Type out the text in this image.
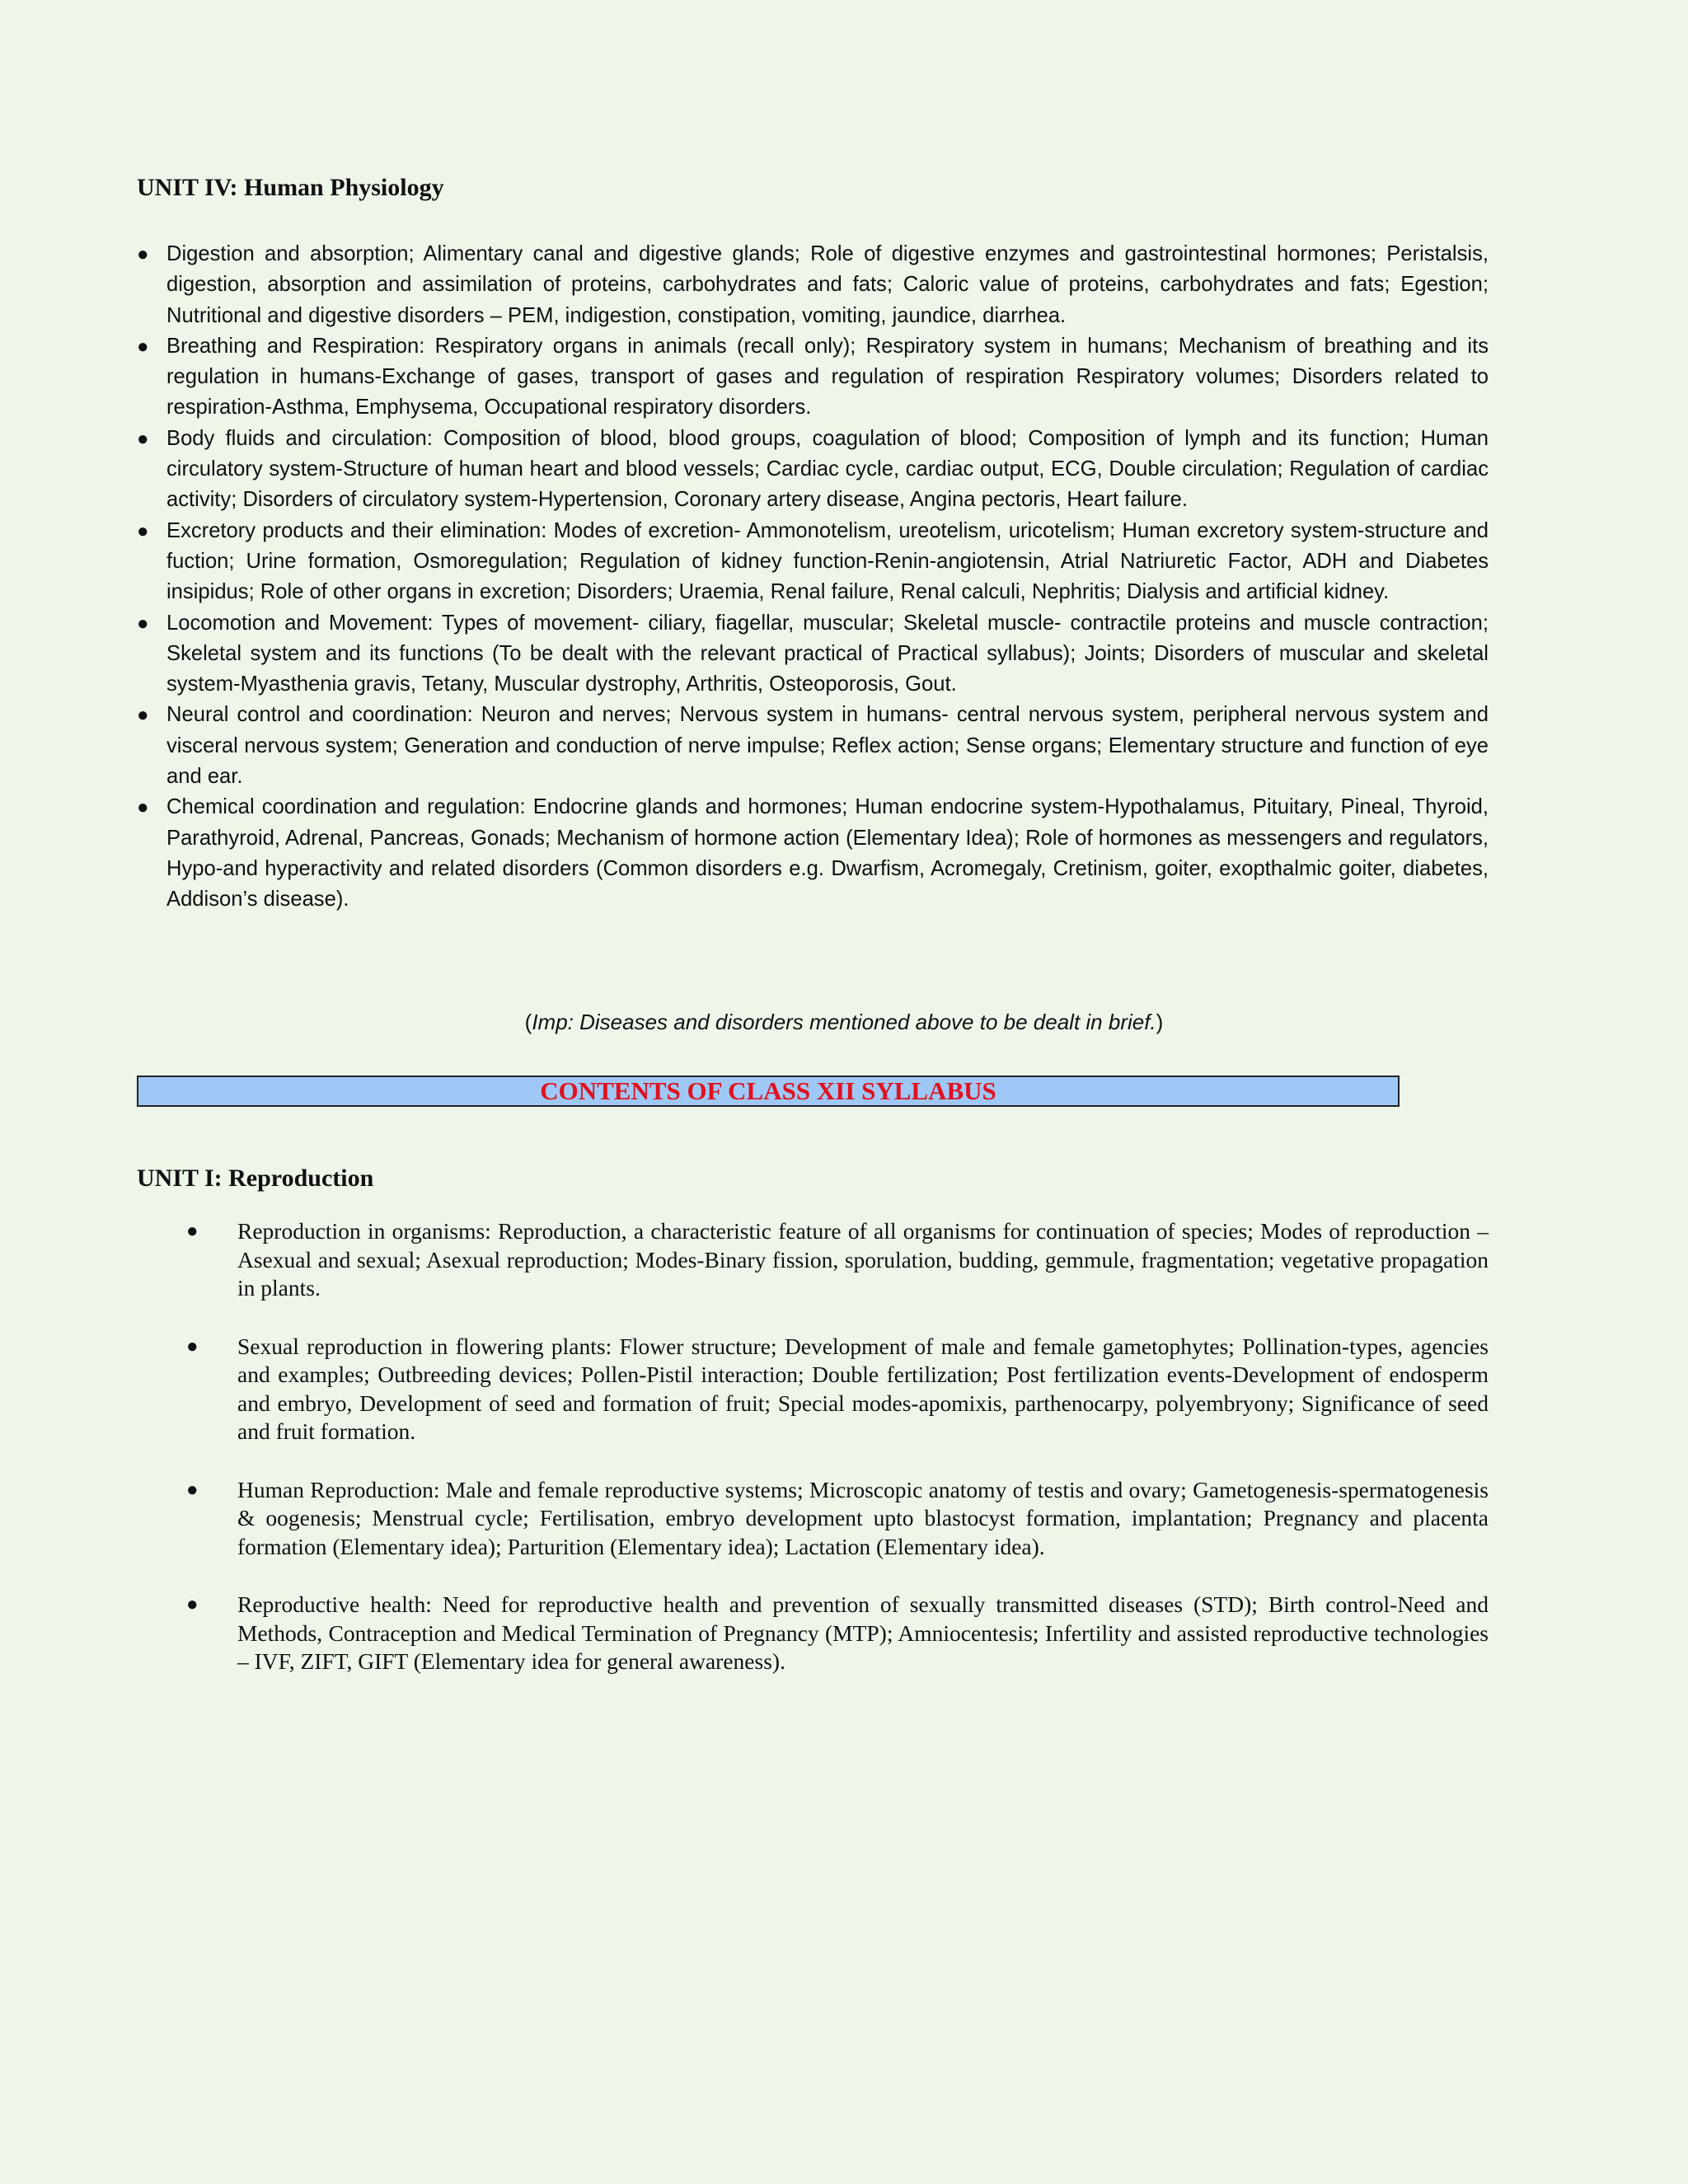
UNIT IV: Human Physiology
● Digestion and absorption; Alimentary canal and digestive glands; Role of digestive enzymes and gastrointestinal hormones; Peristalsis, digestion, absorption and assimilation of proteins, carbohydrates and fats; Caloric value of proteins, carbohydrates and fats; Egestion; Nutritional and digestive disorders – PEM, indigestion, constipation, vomiting, jaundice, diarrhea.
● Breathing and Respiration: Respiratory organs in animals (recall only); Respiratory system in humans; Mechanism of breathing and its regulation in humans-Exchange of gases, transport of gases and regulation of respiration Respiratory volumes; Disorders related to respiration-Asthma, Emphysema, Occupational respiratory disorders.
● Body fluids and circulation: Composition of blood, blood groups, coagulation of blood; Composition of lymph and its function; Human circulatory system-Structure of human heart and blood vessels; Cardiac cycle, cardiac output, ECG, Double circulation; Regulation of cardiac activity; Disorders of circulatory system-Hypertension, Coronary artery disease, Angina pectoris, Heart failure.
● Excretory products and their elimination: Modes of excretion- Ammonotelism, ureotelism, uricotelism; Human excretory system-structure and fuction; Urine formation, Osmoregulation; Regulation of kidney function-Renin-angiotensin, Atrial Natriuretic Factor, ADH and Diabetes insipidus; Role of other organs in excretion; Disorders; Uraemia, Renal failure, Renal calculi, Nephritis; Dialysis and artificial kidney.
● Locomotion and Movement: Types of movement- ciliary, fiagellar, muscular; Skeletal muscle- contractile proteins and muscle contraction; Skeletal system and its functions (To be dealt with the relevant practical of Practical syllabus); Joints; Disorders of muscular and skeletal system-Myasthenia gravis, Tetany, Muscular dystrophy, Arthritis, Osteoporosis, Gout.
● Neural control and coordination: Neuron and nerves; Nervous system in humans- central nervous system, peripheral nervous system and visceral nervous system; Generation and conduction of nerve impulse; Reflex action; Sense organs; Elementary structure and function of eye and ear.
● Chemical coordination and regulation: Endocrine glands and hormones; Human endocrine system-Hypothalamus, Pituitary, Pineal, Thyroid, Parathyroid, Adrenal, Pancreas, Gonads; Mechanism of hormone action (Elementary Idea); Role of hormones as messengers and regulators, Hypo-and hyperactivity and related disorders (Common disorders e.g. Dwarfism, Acromegaly, Cretinism, goiter, exopthalmic goiter, diabetes, Addison’s disease).
(Imp: Diseases and disorders mentioned above to be dealt in brief.)
CONTENTS OF CLASS XII SYLLABUS
UNIT I: Reproduction
● Reproduction in organisms: Reproduction, a characteristic feature of all organisms for continuation of species; Modes of reproduction – Asexual and sexual; Asexual reproduction; Modes-Binary fission, sporulation, budding, gemmule, fragmentation; vegetative propagation in plants.
● Sexual reproduction in flowering plants: Flower structure; Development of male and female gametophytes; Pollination-types, agencies and examples; Outbreeding devices; Pollen-Pistil interaction; Double fertilization; Post fertilization events-Development of endosperm and embryo, Development of seed and formation of fruit; Special modes-apomixis, parthenocarpy, polyembryony; Significance of seed and fruit formation.
● Human Reproduction: Male and female reproductive systems; Microscopic anatomy of testis and ovary; Gametogenesis-spermatogenesis & oogenesis; Menstrual cycle; Fertilisation, embryo development upto blastocyst formation, implantation; Pregnancy and placenta formation (Elementary idea); Parturition (Elementary idea); Lactation (Elementary idea).
● Reproductive health: Need for reproductive health and prevention of sexually transmitted diseases (STD); Birth control-Need and Methods, Contraception and Medical Termination of Pregnancy (MTP); Amniocentesis; Infertility and assisted reproductive technologies – IVF, ZIFT, GIFT (Elementary idea for general awareness).
